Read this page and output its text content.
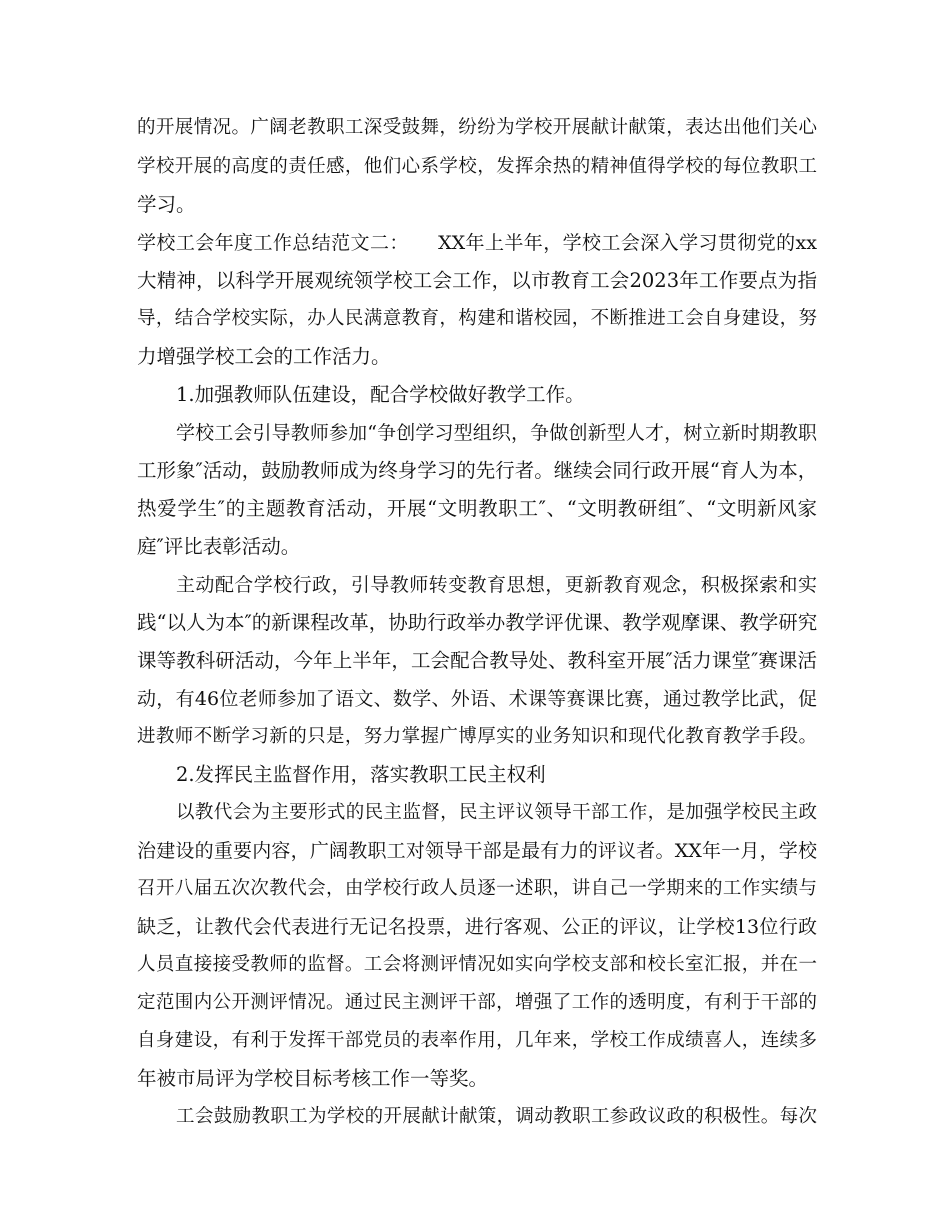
的开展情况。广阔老教职工深受鼓舞，纷纷为学校开展献计献策，表达出他们关心
学校开展的高度的责任感，他们心系学校，发挥余热的精神值得学校的每位教职工
学习。
学校工会年度工作总结范文二：　　XX年上半年，学校工会深入学习贯彻党的xx
大精神，以科学开展观统领学校工会工作，以市教育工会2023年工作要点为指
导，结合学校实际，办人民满意教育，构建和谐校园，不断推进工会自身建设，努
力增强学校工会的工作活力。
1.加强教师队伍建设，配合学校做好教学工作。
学校工会引导教师参加“争创学习型组织，争做创新型人才，树立新时期教职
工形象″活动，鼓励教师成为终身学习的先行者。继续会同行政开展“育人为本，
热爱学生″的主题教育活动，开展“文明教职工″、“文明教研组″、“文明新风家
庭″评比表彰活动。
主动配合学校行政，引导教师转变教育思想，更新教育观念，积极探索和实
践“以人为本″的新课程改革，协助行政举办教学评优课、教学观摩课、教学研究
课等教科研活动，今年上半年，工会配合教导处、教科室开展″活力课堂″赛课活
动，有46位老师参加了语文、数学、外语、术课等赛课比赛，通过教学比武，促
进教师不断学习新的只是，努力掌握广博厚实的业务知识和现代化教育教学手段。
2.发挥民主监督作用，落实教职工民主权利
以教代会为主要形式的民主监督，民主评议领导干部工作，是加强学校民主政
治建设的重要内容，广阔教职工对领导干部是最有力的评议者。XX年一月，学校
召开八届五次次教代会，由学校行政人员逐一述职，讲自己一学期来的工作实绩与
缺乏，让教代会代表进行无记名投票，进行客观、公正的评议，让学校13位行政
人员直接接受教师的监督。工会将测评情况如实向学校支部和校长室汇报，并在一
定范围内公开测评情况。通过民主测评干部，增强了工作的透明度，有利于干部的
自身建设，有利于发挥干部党员的表率作用，几年来，学校工作成绩喜人，连续多
年被市局评为学校目标考核工作一等奖。
工会鼓励教职工为学校的开展献计献策，调动教职工参政议政的积极性。每次
